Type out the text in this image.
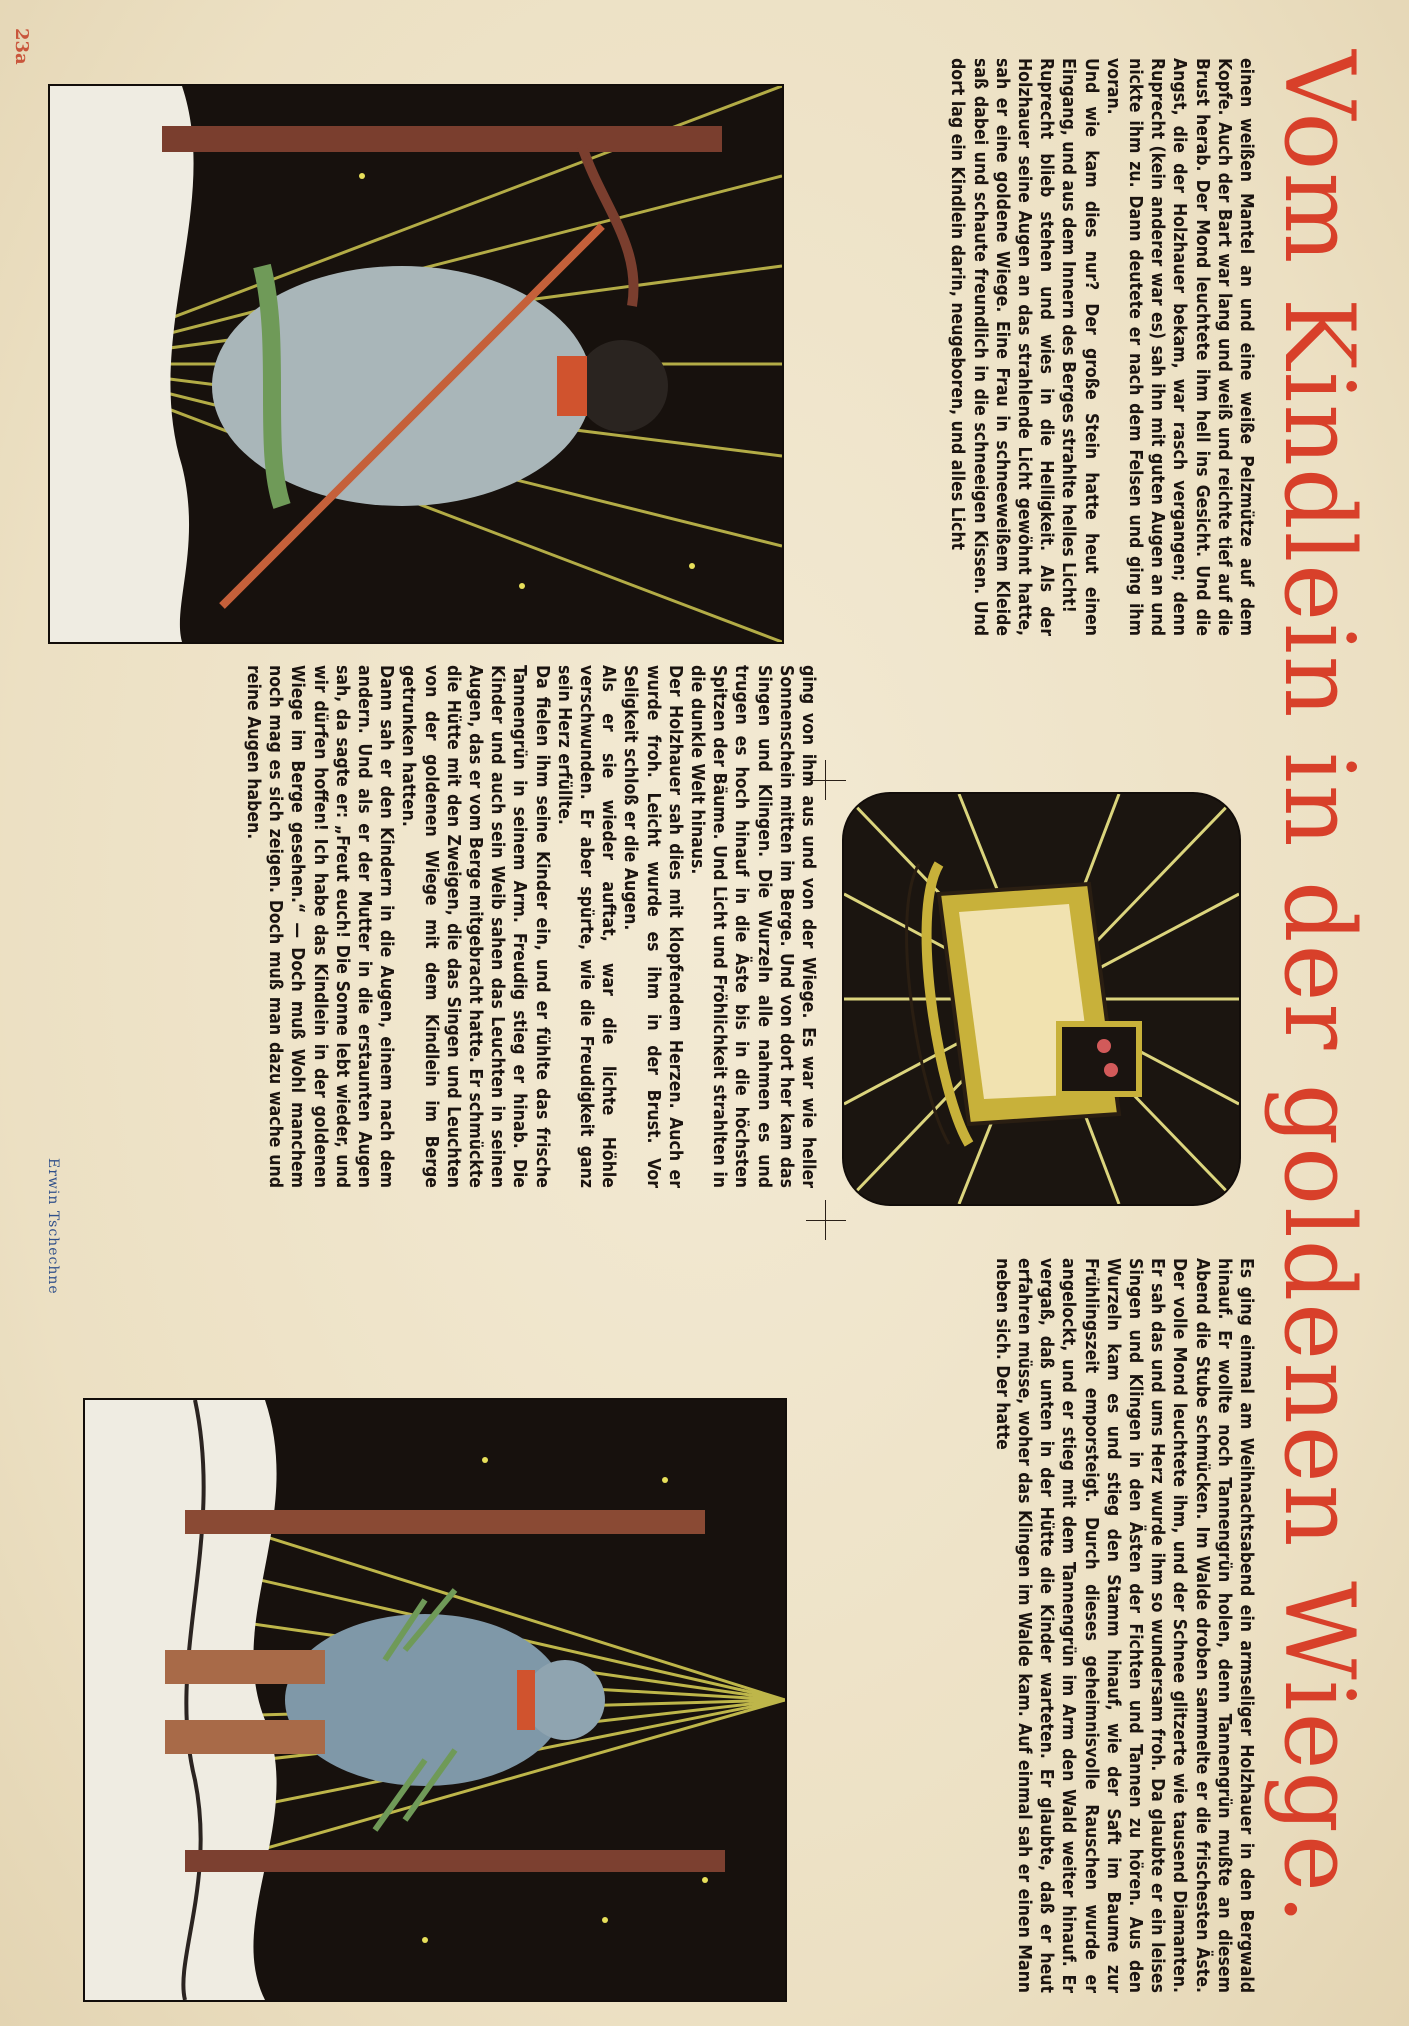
23a
Vom Kindlein in der goldenen Wiege.

Es ging einmal am Weihnachtsabend ein armseliger Holzhauer in den Bergwald hinauf. Er wollte noch Tannengrün holen, denn Tannengrün mußte an diesem Abend die Stube schmücken. Im Walde droben sammelte er die frischesten Äste. Der volle Mond leuchtete ihm, und der Schnee glitzerte wie tausend Diamanten. Er sah das und ums Herz wurde ihm so wundersam froh. Da glaubte er ein leises Singen und Klingen in den Ästen der Fichten und Tannen zu hören. Aus den Wurzeln kam es und stieg den Stamm hinauf, wie der Saft im Baume zur Frühlingszeit emporsteigt. Durch dieses geheimnisvolle Rauschen wurde er angelockt, und er stieg mit dem Tannengrün im Arm den Wald weiter hinauf. Er vergaß, daß unten in der Hütte die Kinder warteten. Er glaubte, daß er heut erfahren müsse, woher das Klingen im Walde kam. Auf einmal sah er einen Mann neben sich. Der hatte

einen weißen Mantel an und eine weiße Pelzmütze auf dem Kopfe. Auch der Bart war lang und weiß und reichte tief auf die Brust herab. Der Mond leuchtete ihm hell ins Gesicht. Und die Angst, die der Holzhauer bekam, war rasch vergangen; denn Ruprecht (kein anderer war es) sah ihn mit guten Augen an und nickte ihm zu. Dann deutete er nach dem Felsen und ging ihm voran.

Und wie kam dies nur? Der große Stein hatte heut einen Eingang, und aus dem Innern des Berges strahlte helles Licht!

Ruprecht blieb stehen und wies in die Helligkeit. Als der Holzhauer seine Augen an das strahlende Licht gewöhnt hatte, sah er eine goldene Wiege. Eine Frau in schneeweißem Kleide saß dabei und schaute freundlich in die schneeigen Kissen. Und dort lag ein Kindlein darin, neugeboren, und alles Licht

ging von ihm aus und von der Wiege. Es war wie heller Sonnenschein mitten im Berge. Und von dort her kam das Singen und Klingen. Die Wurzeln alle nahmen es und trugen es hoch hinauf in die Äste bis in die höchsten Spitzen der Bäume. Und Licht und Fröhlichkeit strahlten in die dunkle Welt hinaus.

Der Holzhauer sah dies mit klopfendem Herzen. Auch er wurde froh. Leicht wurde es ihm in der Brust. Vor Seligkeit schloß er die Augen.

Als er sie wieder auftat, war die lichte Höhle verschwunden. Er aber spürte, wie die Freudigkeit ganz sein Herz erfüllte.

Da fielen ihm seine Kinder ein, und er fühlte das frische Tannengrün in seinem Arm. Freudig stieg er hinab. Die Kinder und auch sein Weib sahen das Leuchten in seinen Augen, das er vom Berge mitgebracht hatte. Er schmückte die Hütte mit den Zweigen, die das Singen und Leuchten von der goldenen Wiege mit dem Kindlein im Berge getrunken hatten.

Dann sah er den Kindern in die Augen, einem nach dem andern. Und als er der Mutter in die erstaunten Augen sah, da sagte er: „Freut euch! Die Sonne lebt wieder, und wir dürfen hoffen! Ich habe das Kindlein in der goldenen Wiege im Berge gesehen.“ — Doch muß Wohl manchem noch mag es sich zeigen. Doch muß man dazu wache und reine Augen haben.

Erwin Tschechne
